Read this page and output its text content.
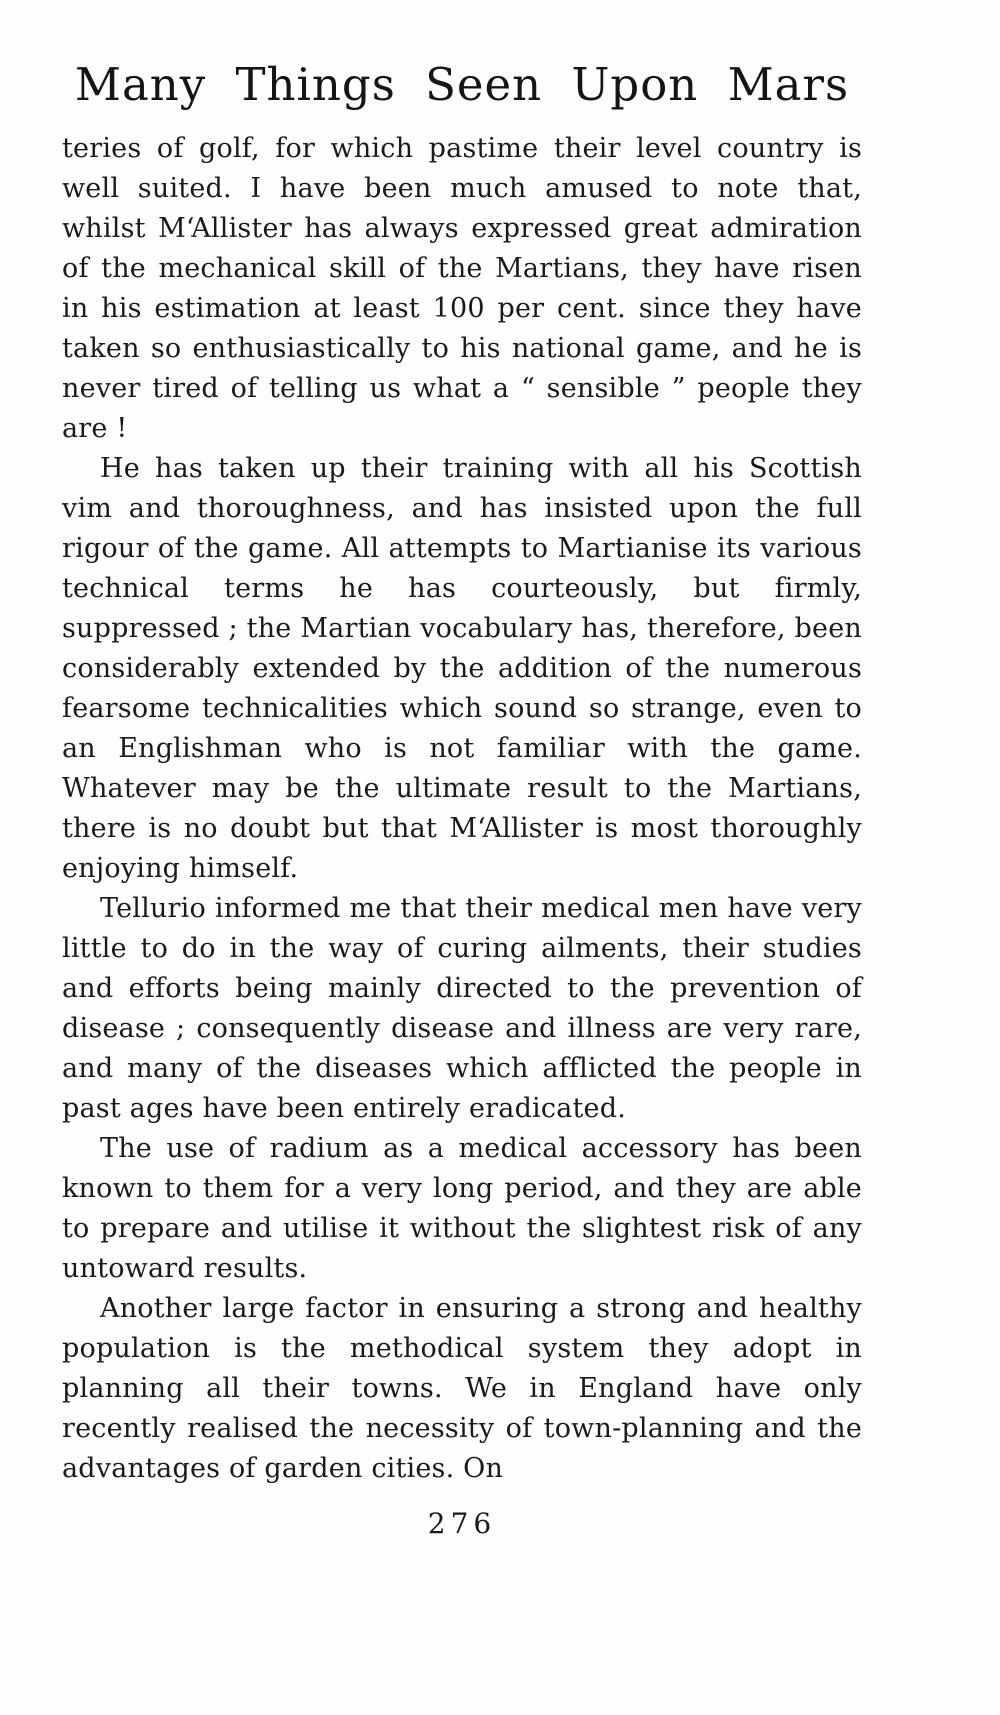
Many Things Seen Upon Mars

teries of golf, for which pastime their level country is well suited. I have been much amused to note that, whilst M‘Allister has always expressed great admiration of the mechanical skill of the Martians, they have risen in his estimation at least 100 per cent. since they have taken so enthusiastically to his national game, and he is never tired of telling us what a “ sensible ” people they are !

He has taken up their training with all his Scottish vim and thoroughness, and has insisted upon the full rigour of the game. All attempts to Martianise its various technical terms he has courteously, but firmly, suppressed ; the Martian vocabulary has, therefore, been considerably extended by the addition of the numerous fearsome technicalities which sound so strange, even to an Englishman who is not familiar with the game. Whatever may be the ultimate result to the Martians, there is no doubt but that M‘Allister is most thoroughly enjoying himself.

Tellurio informed me that their medical men have very little to do in the way of curing ailments, their studies and efforts being mainly directed to the prevention of disease ; consequently disease and illness are very rare, and many of the diseases which afflicted the people in past ages have been entirely eradicated.

The use of radium as a medical accessory has been known to them for a very long period, and they are able to prepare and utilise it without the slightest risk of any untoward results.

Another large factor in ensuring a strong and healthy population is the methodical system they adopt in planning all their towns. We in England have only recently realised the necessity of town-planning and the advantages of garden cities. On

276
